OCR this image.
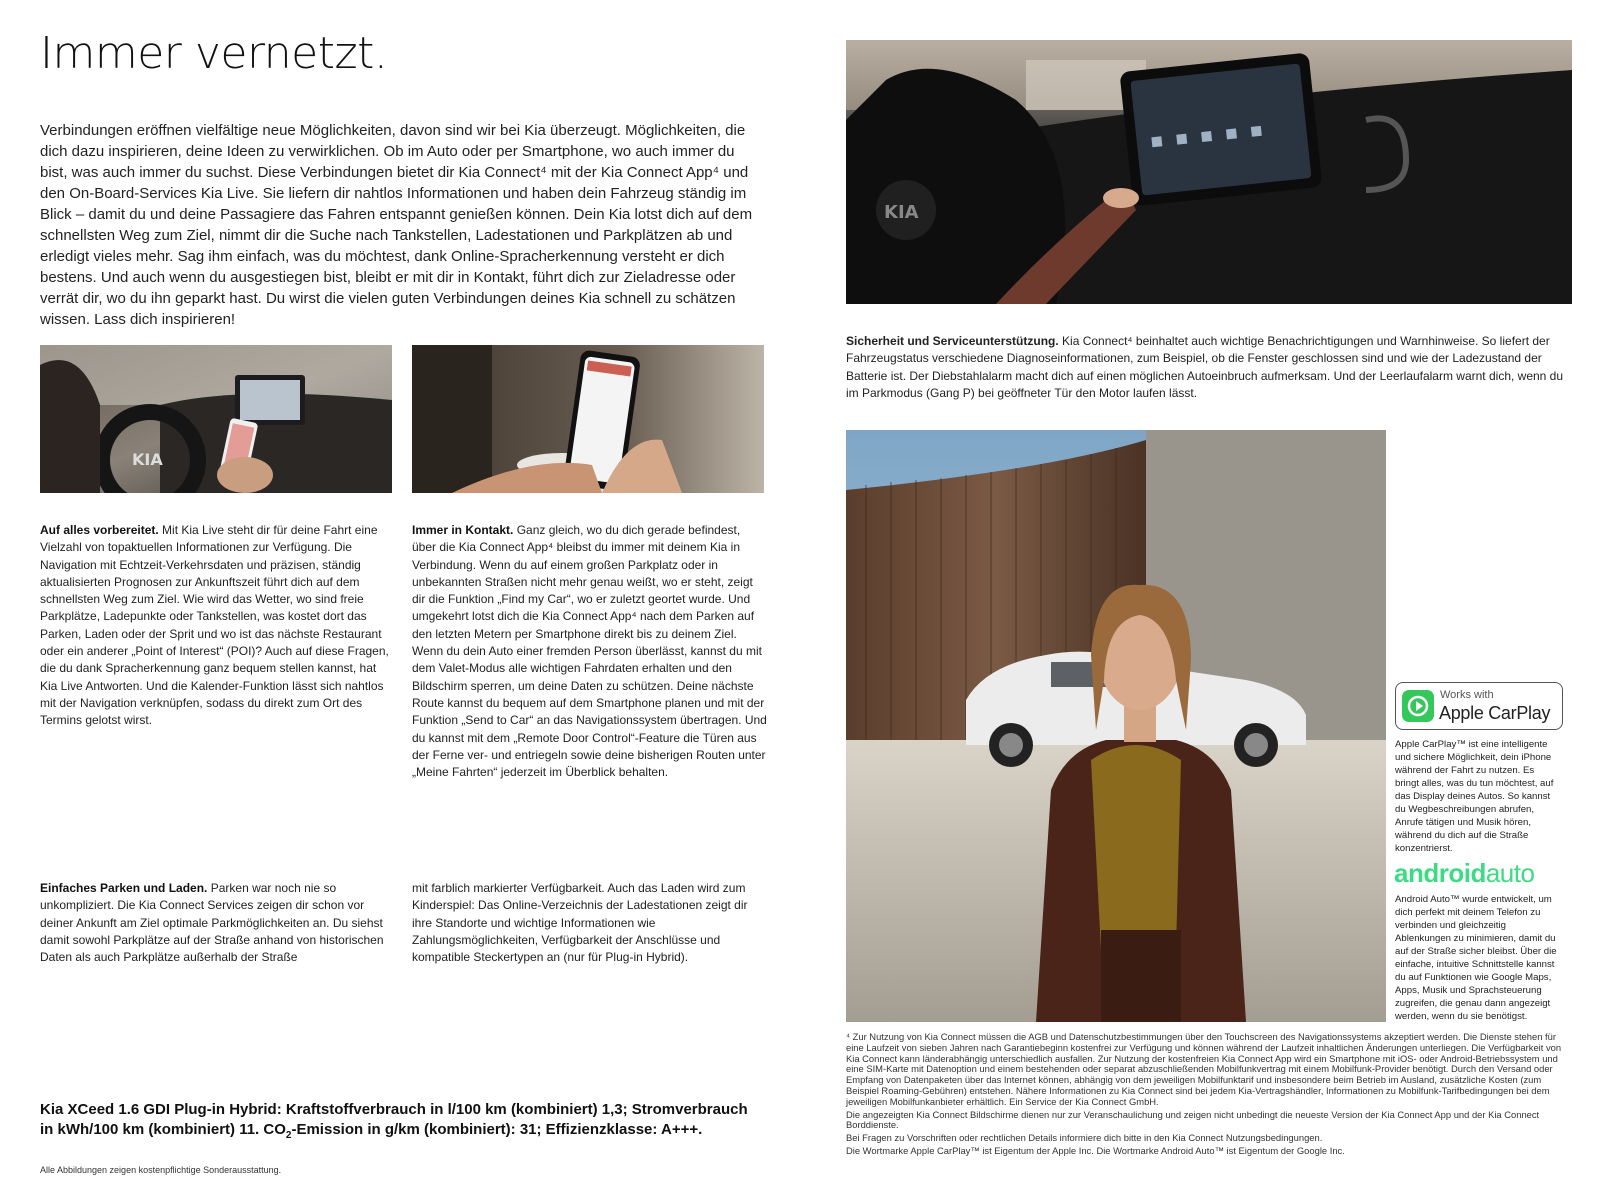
Immer vernetzt.
Verbindungen eröffnen vielfältige neue Möglichkeiten, davon sind wir bei Kia überzeugt. Möglichkeiten, die dich dazu inspirieren, deine Ideen zu verwirklichen. Ob im Auto oder per Smartphone, wo auch immer du bist, was auch immer du suchst. Diese Verbindungen bietet dir Kia Connect⁴ mit der Kia Connect App⁴ und den On-Board-Services Kia Live. Sie liefern dir nahtlos Informationen und haben dein Fahrzeug ständig im Blick – damit du und deine Passagiere das Fahren entspannt genießen können. Dein Kia lotst dich auf dem schnellsten Weg zum Ziel, nimmt dir die Suche nach Tankstellen, Ladestationen und Parkplätzen ab und erledigt vieles mehr. Sag ihm einfach, was du möchtest, dank Online-Spracherkennung versteht er dich bestens. Und auch wenn du ausgestiegen bist, bleibt er mit dir in Kontakt, führt dich zur Zieladresse oder verrät dir, wo du ihn geparkt hast. Du wirst die vielen guten Verbindungen deines Kia schnell zu schätzen wissen. Lass dich inspirieren!
KIA
Auf alles vorbereitet. Mit Kia Live steht dir für deine Fahrt eine Vielzahl von topaktuellen Informationen zur Verfügung. Die Navigation mit Echtzeit-Verkehrsdaten und präzisen, ständig aktualisierten Prognosen zur Ankunftszeit führt dich auf dem schnellsten Weg zum Ziel. Wie wird das Wetter, wo sind freie Parkplätze, Ladepunkte oder Tankstellen, was kostet dort das Parken, Laden oder der Sprit und wo ist das nächste Restaurant oder ein anderer „Point of Interest“ (POI)? Auch auf diese Fragen, die du dank Spracherkennung ganz bequem stellen kannst, hat Kia Live Antworten. Und die Kalender-Funktion lässt sich nahtlos mit der Navigation verknüpfen, sodass du direkt zum Ort des Termins gelotst wirst.
Immer in Kontakt. Ganz gleich, wo du dich gerade befindest, über die Kia Connect App⁴ bleibst du immer mit deinem Kia in Verbindung. Wenn du auf einem großen Parkplatz oder in unbekannten Straßen nicht mehr genau weißt, wo er steht, zeigt dir die Funktion „Find my Car“, wo er zuletzt geortet wurde. Und umgekehrt lotst dich die Kia Connect App⁴ nach dem Parken auf den letzten Metern per Smartphone direkt bis zu deinem Ziel. Wenn du dein Auto einer fremden Person überlässt, kannst du mit dem Valet-Modus alle wichtigen Fahrdaten erhalten und den Bildschirm sperren, um deine Daten zu schützen. Deine nächste Route kannst du bequem auf dem Smartphone planen und mit der Funktion „Send to Car“ an das Navigationssystem übertragen. Und du kannst mit dem „Remote Door Control“-Feature die Türen aus der Ferne ver- und entriegeln sowie deine bisherigen Routen unter „Meine Fahrten“ jederzeit im Überblick behalten.
Einfaches Parken und Laden. Parken war noch nie so unkompliziert. Die Kia Connect Services zeigen dir schon vor deiner Ankunft am Ziel optimale Parkmöglichkeiten an. Du siehst damit sowohl Parkplätze auf der Straße anhand von historischen Daten als auch Parkplätze außerhalb der Straße
mit farblich markierter Verfügbarkeit. Auch das Laden wird zum Kinderspiel: Das Online-Verzeichnis der Ladestationen zeigt dir ihre Standorte und wichtige Informationen wie Zahlungsmöglichkeiten, Verfügbarkeit der Anschlüsse und kompatible Steckertypen an (nur für Plug-in Hybrid).
Kia XCeed 1.6 GDI Plug-in Hybrid: Kraftstoffverbrauch in l/100 km (kombiniert) 1,3; Stromverbrauch
in kWh/100 km (kombiniert) 11. $CO_2$-Emission in g/km (kombiniert): 31; Effizienzklasse: A+++.
Alle Abbildungen zeigen kostenpflichtige Sonderausstattung.
KIA
Sicherheit und Serviceunterstützung. Kia Connect⁴ beinhaltet auch wichtige Benachrichtigungen und Warnhinweise. So liefert der Fahrzeugstatus verschiedene Diagnoseinformationen, zum Beispiel, ob die Fenster geschlossen sind und wie der Ladezustand der Batterie ist. Der Diebstahlalarm macht dich auf einen möglichen Autoeinbruch aufmerksam. Und der Leerlaufalarm warnt dich, wenn du im Parkmodus (Gang P) bei geöffneter Tür den Motor laufen lässt.
Works with
Apple CarPlay
Apple CarPlay™ ist eine intelligente und sichere Möglichkeit, dein iPhone während der Fahrt zu nutzen. Es bringt alles, was du tun möchtest, auf das Display deines Autos. So kannst du Wegbeschreibungen abrufen, Anrufe tätigen und Musik hören, während du dich auf die Straße konzentrierst.
androidauto
Android Auto™ wurde entwickelt, um dich perfekt mit deinem Telefon zu verbinden und gleichzeitig Ablenkungen zu minimieren, damit du auf der Straße sicher bleibst. Über die einfache, intuitive Schnittstelle kannst du auf Funktionen wie Google Maps, Apps, Musik und Sprachsteuerung zugreifen, die genau dann angezeigt werden, wenn du sie benötigst.
⁴ Zur Nutzung von Kia Connect müssen die AGB und Datenschutzbestimmungen über den Touchscreen des Navigationssystems akzeptiert werden. Die Dienste stehen für eine Laufzeit von sieben Jahren nach Garantiebeginn kostenfrei zur Verfügung und können während der Laufzeit inhaltlichen Änderungen unterliegen. Die Verfügbarkeit von Kia Connect kann länderabhängig unterschiedlich ausfallen. Zur Nutzung der kostenfreien Kia Connect App wird ein Smartphone mit iOS- oder Android-Betriebssystem und eine SIM-Karte mit Datenoption und einem bestehenden oder separat abzuschließenden Mobilfunkvertrag mit einem Mobilfunk-Provider benötigt. Durch den Versand oder Empfang von Datenpaketen über das Internet können, abhängig von dem jeweiligen Mobilfunktarif und insbesondere beim Betrieb im Ausland, zusätzliche Kosten (zum Beispiel Roaming-Gebühren) entstehen. Nähere Informationen zu Kia Connect sind bei jedem Kia-Vertragshändler, Informationen zu Mobilfunk-Tarifbedingungen bei dem jeweiligen Mobilfunkanbieter erhältlich. Ein Service der Kia Connect GmbH.
Die angezeigten Kia Connect Bildschirme dienen nur zur Veranschaulichung und zeigen nicht unbedingt die neueste Version der Kia Connect App und der Kia Connect Borddienste.
Bei Fragen zu Vorschriften oder rechtlichen Details informiere dich bitte in den Kia Connect Nutzungsbedingungen.
Die Wortmarke Apple CarPlay™ ist Eigentum der Apple Inc. Die Wortmarke Android Auto™ ist Eigentum der Google Inc.
